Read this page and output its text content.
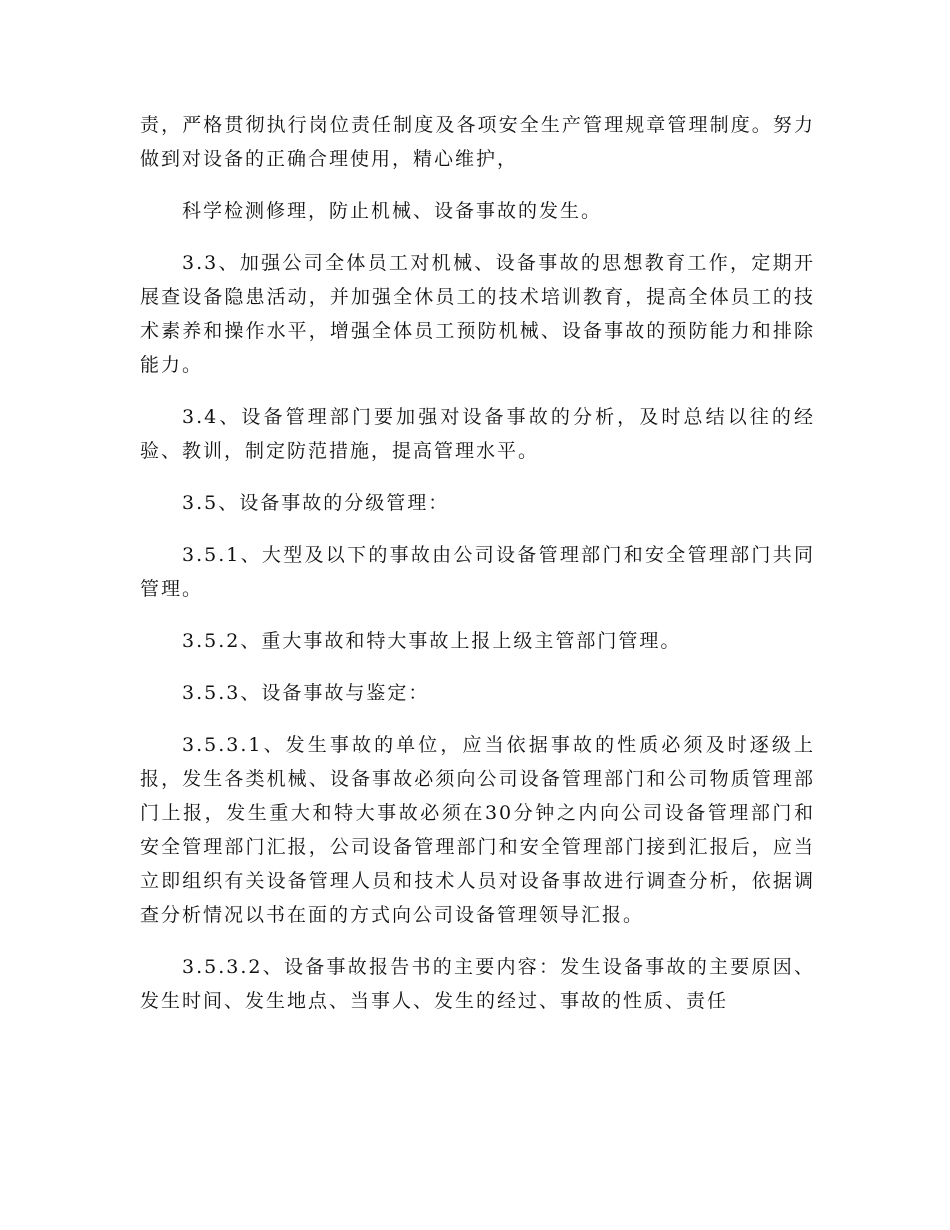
责，严格贯彻执行岗位责任制度及各项安全生产管理规章管理制度。努力做到对设备的正确合理使用，精心维护，

科学检测修理，防止机械、设备事故的发生。

3.3、加强公司全体员工对机械、设备事故的思想教育工作，定期开展查设备隐患活动，并加强全休员工的技术培训教育，提高全体员工的技术素养和操作水平，增强全体员工预防机械、设备事故的预防能力和排除能力。

3.4、设备管理部门要加强对设备事故的分析，及时总结以往的经验、教训，制定防范措施，提高管理水平。

3.5、设备事故的分级管理：

3.5.1、大型及以下的事故由公司设备管理部门和安全管理部门共同管理。

3.5.2、重大事故和特大事故上报上级主管部门管理。

3.5.3、设备事故与鉴定：

3.5.3.1、发生事故的单位，应当依据事故的性质必须及时逐级上报，发生各类机械、设备事故必须向公司设备管理部门和公司物质管理部门上报，发生重大和特大事故必须在30分钟之内向公司设备管理部门和安全管理部门汇报，公司设备管理部门和安全管理部门接到汇报后，应当立即组织有关设备管理人员和技术人员对设备事故进行调查分析，依据调查分析情况以书在面的方式向公司设备管理领导汇报。

3.5.3.2、设备事故报告书的主要内容：发生设备事故的主要原因、发生时间、发生地点、当事人、发生的经过、事故的性质、责任
